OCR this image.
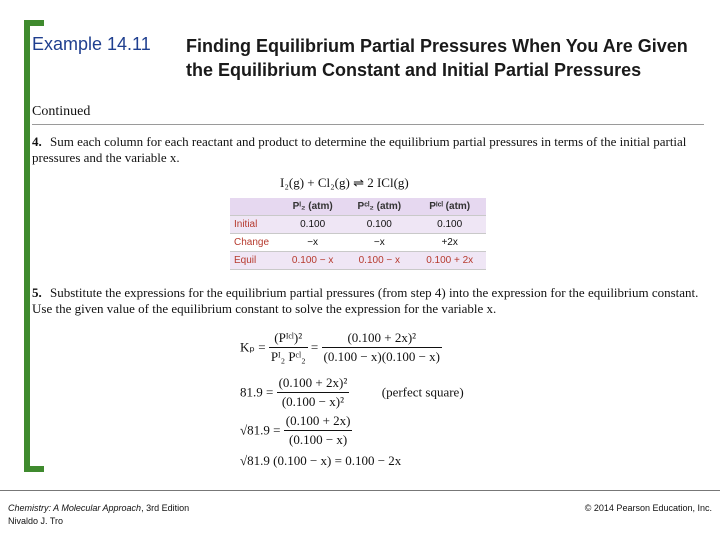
Example 14.11 Finding Equilibrium Partial Pressures When You Are Given the Equilibrium Constant and Initial Partial Pressures
Continued
4. Sum each column for each reactant and product to determine the equilibrium partial pressures in terms of the initial partial pressures and the variable x.
I₂(g) + Cl₂(g) ⇌ 2 ICl(g)
	Pᴵ₂ (atm)	Pᶜˡ₂ (atm)	Pᴵᶜˡ (atm)
Initial	0.100	0.100	0.100
Change	−x	−x	+2x
Equil	0.100 − x	0.100 − x	0.100 + 2x
5. Substitute the expressions for the equilibrium partial pressures (from step 4) into the expression for the equilibrium constant. Use the given value of the equilibrium constant to solve the expression for the variable x.
$K_p = \frac{\text{(Pᴵᶜˡ)²}}{\text{Pᴵ₂ Pᶜˡ₂}} = \frac{\text{(0.100 + 2x)²}}{(0.100 - x)(0.100 - x)}$
$81.9 = \frac{\text{(0.100 + 2x)²}}{\text{(0.100 − x)²}}$	(perfect square)
$√81.9 = \frac{(0.100 + 2x)}{(0.100 - x)}$
√81.9 (0.100 − x) = 0.100 − 2x
Chemistry: A Molecular Approach, 3rd Edition
Nivaldo J. Tro
© 2014 Pearson Education, Inc.
